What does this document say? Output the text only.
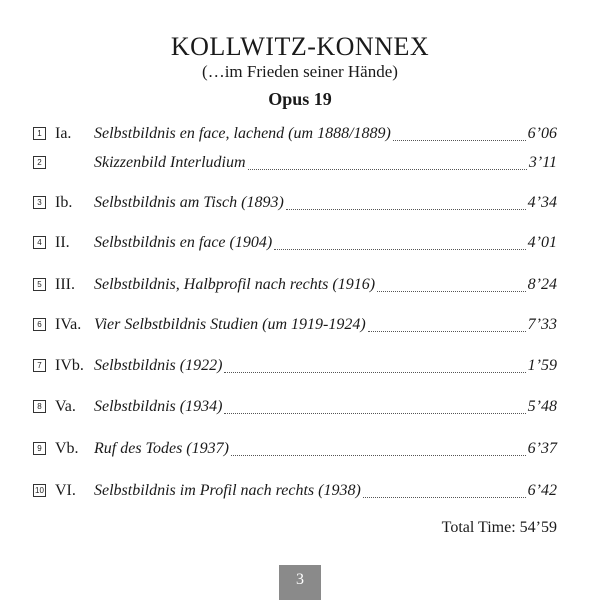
KOLLWITZ-KONNEX
(…im Frieden seiner Hände)
Opus 19
1 Ia. Selbstbildnis en face, lachend (um 1888/1889)	6’06
2	Skizzenbild Interludium	3’11
3 Ib. Selbstbildnis am Tisch (1893)	4’34
4 II. Selbstbildnis en face (1904)	4’01
5 III. Selbstbildnis, Halbprofil nach rechts (1916)	8’24
6 IVa. Vier Selbstbildnis Studien (um 1919-1924)	7’33
7 IVb. Selbstbildnis (1922)	1’59
8 Va. Selbstbildnis (1934)	5’48
9 Vb. Ruf des Todes (1937)	6’37
10 VI. Selbstbildnis im Profil nach rechts (1938)	6’42
Total Time: 54’59
3
